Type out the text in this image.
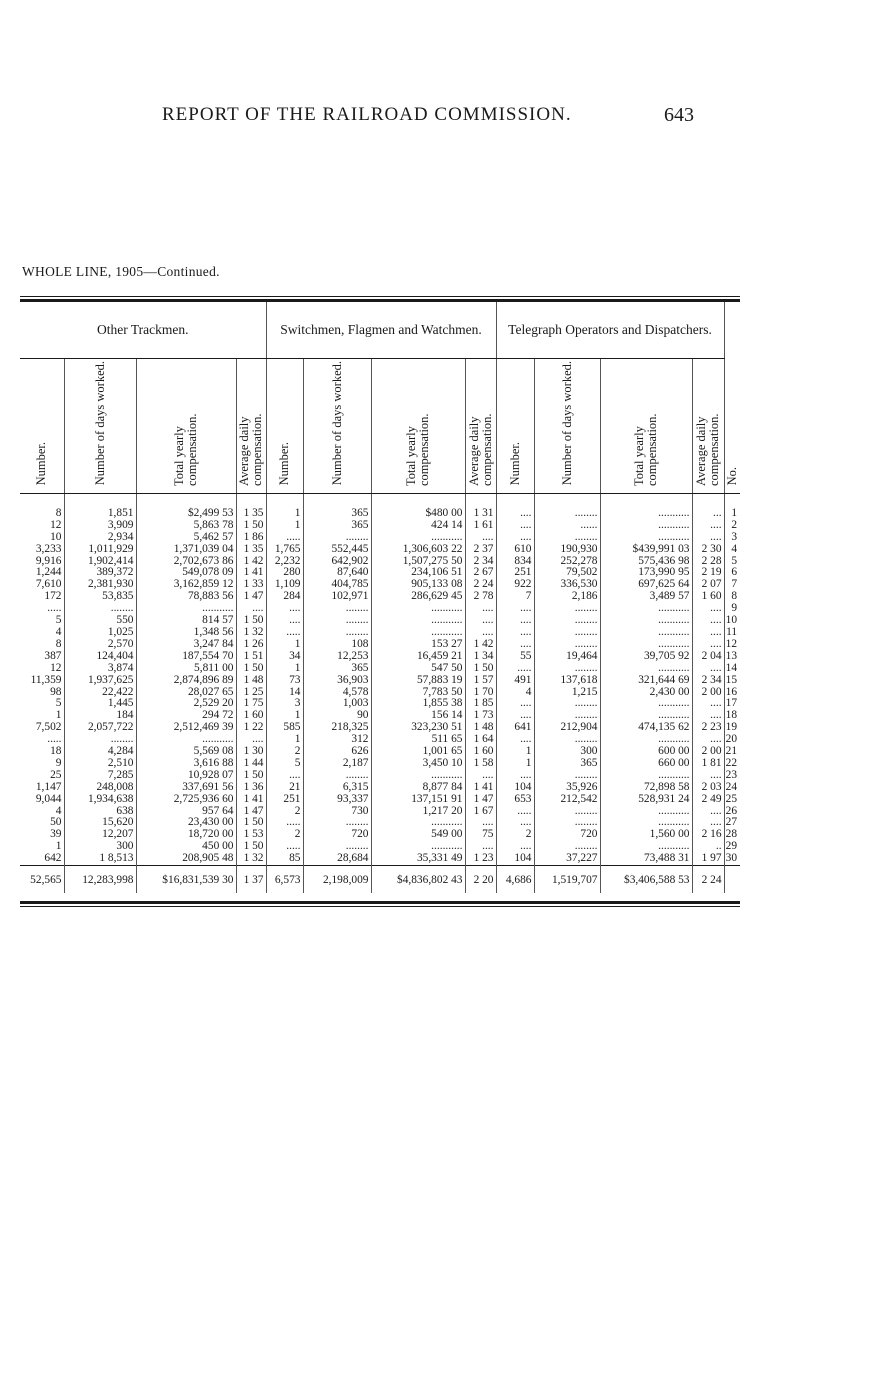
REPORT OF THE RAILROAD COMMISSION.	643
WHOLE LINE, 1905—Continued.
Other Trackmen.				Switchmen, Flagmen and Watchmen.				Telegraph Operators and Dispatchers.				No.
Number.	Number of days worked.	Total yearly compensation.	Average daily compensation.	Number.	Number of days worked.	Total yearly compensation.	Average daily compensation.	Number.	Number of days worked.	Total yearly compensation.	Average daily compensation.	

8	1,851	$2,499 53	1 35	1	365	$480 00	1 31	....	........	...........	...	1
12	3,909	5,863 78	1 50	1	365	424 14	1 61	....	......	...........	....	2
10	2,934	5,462 57	1 86	.....	........	...........	....	....	........	...........	....	3
3,233	1,011,929	1,371,039 04	1 35	1,765	552,445	1,306,603 22	2 37	610	190,930	$439,991 03	2 30	4
9,916	1,902,414	2,702,673 86	1 42	2,232	642,902	1,507,275 50	2 34	834	252,278	575,436 98	2 28	5
1,244	389,372	549,078 09	1 41	280	87,640	234,106 51	2 67	251	79,502	173,990 95	2 19	6
7,610	2,381,930	3,162,859 12	1 33	1,109	404,785	905,133 08	2 24	922	336,530	697,625 64	2 07	7
172	53,835	78,883 56	1 47	284	102,971	286,629 45	2 78	7	2,186	3,489 57	1 60	8
.....	........	...........	....	....	........	...........	....	....	........	...........	....	9
5	550	814 57	1 50	....	........	...........	....	....	........	...........	....	10
4	1,025	1,348 56	1 32	.....	........	...........	....	....	........	...........	....	11
8	2,570	3,247 84	1 26	1	108	153 27	1 42	....	........	...........	....	12
387	124,404	187,554 70	1 51	34	12,253	16,459 21	1 34	55	19,464	39,705 92	2 04	13
12	3,874	5,811 00	1 50	1	365	547 50	1 50	.....	........	...........	....	14
11,359	1,937,625	2,874,896 89	1 48	73	36,903	57,883 19	1 57	491	137,618	321,644 69	2 34	15
98	22,422	28,027 65	1 25	14	4,578	7,783 50	1 70	4	1,215	2,430 00	2 00	16
5	1,445	2,529 20	1 75	3	1,003	1,855 38	1 85	....	........	...........	....	17
1	184	294 72	1 60	1	90	156 14	1 73	....	........	...........	....	18
7,502	2,057,722	2,512,469 39	1 22	585	218,325	323,230 51	1 48	641	212,904	474,135 62	2 23	19
.....	........	...........	....	1	312	511 65	1 64	....	........	...........	....	20
18	4,284	5,569 08	1 30	2	626	1,001 65	1 60	1	300	600 00	2 00	21
9	2,510	3,616 88	1 44	5	2,187	3,450 10	1 58	1	365	660 00	1 81	22
25	7,285	10,928 07	1 50	....	........	...........	....	....	........	...........	....	23
1,147	248,008	337,691 56	1 36	21	6,315	8,877 84	1 41	104	35,926	72,898 58	2 03	24
9,044	1,934,638	2,725,936 60	1 41	251	93,337	137,151 91	1 47	653	212,542	528,931 24	2 49	25
4	638	957 64	1 47	2	730	1,217 20	1 67	.....	........	...........	....	26
50	15,620	23,430 00	1 50	.....	........	...........	....	....	........	...........	....	27
39	12,207	18,720 00	1 53	2	720	549 00	75	2	720	1,560 00	2 16	28
1	300	450 00	1 50	.....	........	...........	....	....	........	...........	..	29
642	1 8,513	208,905 48	1 32	85	28,684	35,331 49	1 23	104	37,227	73,488 31	1 97	30
52,565	12,283,998	$16,831,539 30	1 37	6,573	2,198,009	$4,836,802 43	2 20	4,686	1,519,707	$3,406,588 53	2 24	
